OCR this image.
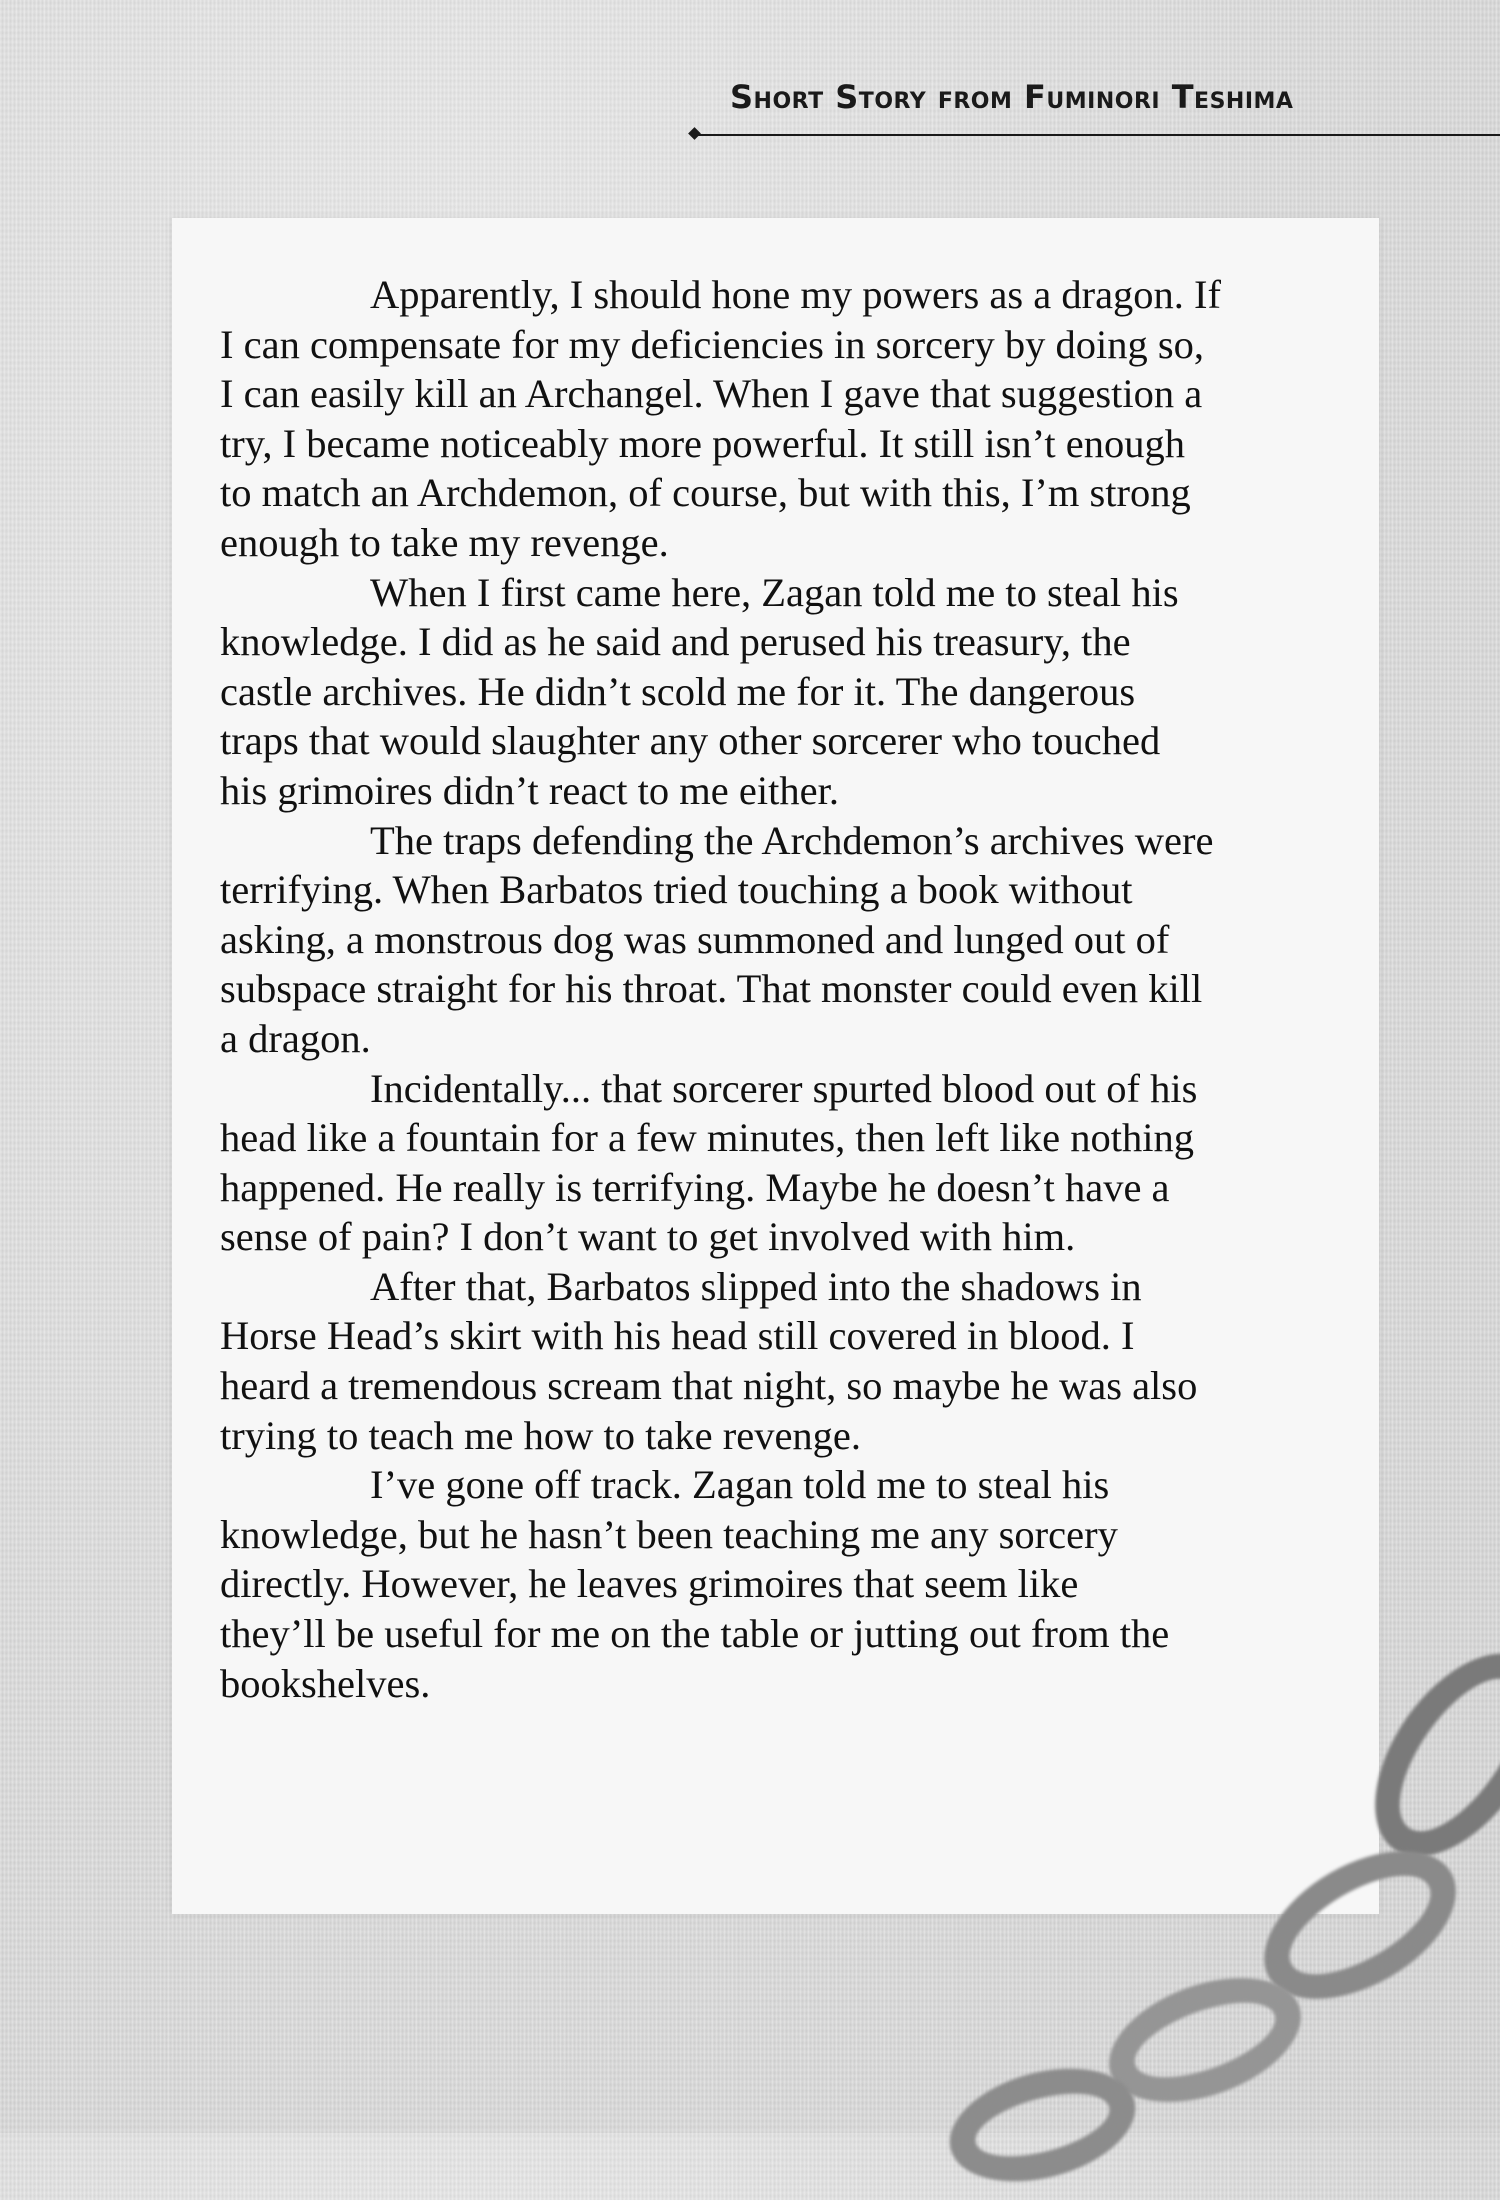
Short Story from Fuminori Teshima

Apparently, I should hone my powers as a dragon. If
I can compensate for my deficiencies in sorcery by doing so,
I can easily kill an Archangel. When I gave that suggestion a
try, I became noticeably more powerful. It still isn’t enough
to match an Archdemon, of course, but with this, I’m strong
enough to take my revenge.

When I first came here, Zagan told me to steal his
knowledge. I did as he said and perused his treasury, the
castle archives. He didn’t scold me for it. The dangerous
traps that would slaughter any other sorcerer who touched
his grimoires didn’t react to me either.

The traps defending the Archdemon’s archives were
terrifying. When Barbatos tried touching a book without
asking, a monstrous dog was summoned and lunged out of
subspace straight for his throat. That monster could even kill
a dragon.

Incidentally... that sorcerer spurted blood out of his
head like a fountain for a few minutes, then left like nothing
happened. He really is terrifying. Maybe he doesn’t have a
sense of pain? I don’t want to get involved with him.

After that, Barbatos slipped into the shadows in
Horse Head’s skirt with his head still covered in blood. I
heard a tremendous scream that night, so maybe he was also
trying to teach me how to take revenge.

I’ve gone off track. Zagan told me to steal his
knowledge, but he hasn’t been teaching me any sorcery
directly. However, he leaves grimoires that seem like
they’ll be useful for me on the table or jutting out from the
bookshelves.
